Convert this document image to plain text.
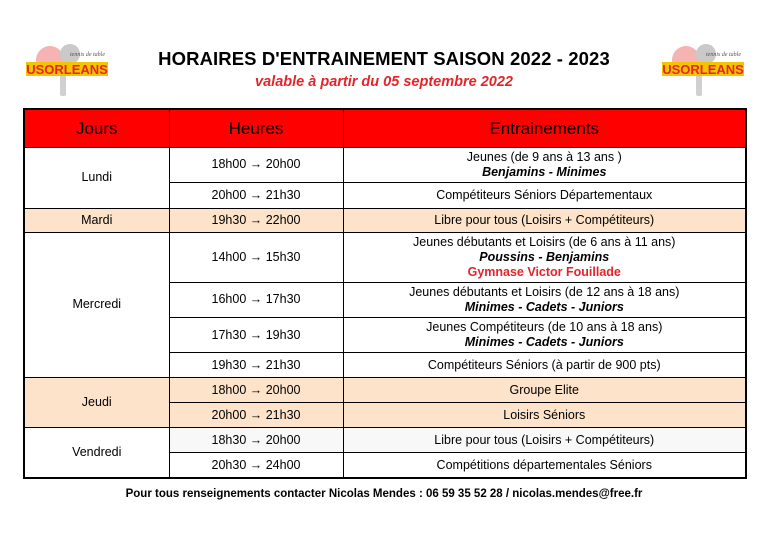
tennis de table
USORLEANS
tennis de table
USORLEANS
HORAIRES D'ENTRAINEMENT SAISON 2022 - 2023
valable à partir du 05 septembre 2022
Jours	Heures	Entrainements
Lundi	18h00 → 20h00	Jeunes (de 9 ans à 13 ans )
Benjamins - Minimes

	20h00 → 21h30	Compétiteurs Séniors Départementaux
Mardi	19h30 → 22h00	Libre pour tous (Loisirs + Compétiteurs)
Mercredi	14h00 → 15h30	Jeunes débutants et Loisirs (de 6 ans à 11 ans)
Poussins - Benjamins
Gymnase Victor Fouillade

	16h00 → 17h30	Jeunes débutants et Loisirs (de 12 ans à 18 ans)
Minimes - Cadets - Juniors

	17h30 → 19h30	Jeunes Compétiteurs (de 10 ans à 18 ans)
Minimes - Cadets - Juniors

	19h30 → 21h30	Compétiteurs Séniors (à partir de 900 pts)
Jeudi	18h00 → 20h00	Groupe Elite
	20h00 → 21h30	Loisirs Séniors
Vendredi	18h30 → 20h00	Libre pour tous (Loisirs + Compétiteurs)
	20h30 → 24h00	Compétitions départementales Séniors
Pour tous renseignements contacter Nicolas Mendes : 06 59 35 52 28 / nicolas.mendes@free.fr
